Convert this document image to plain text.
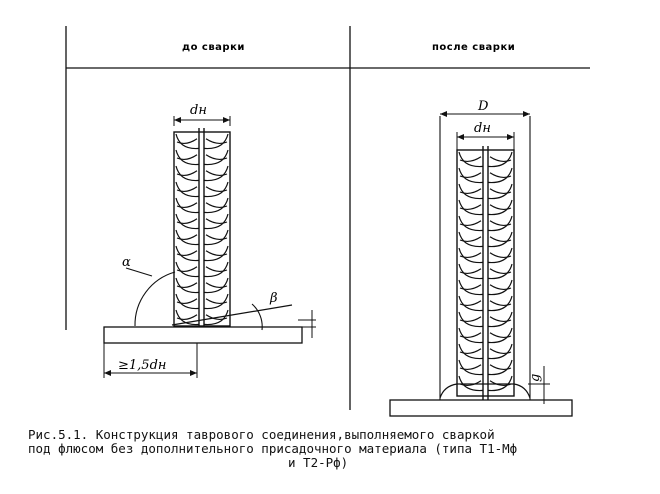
до сварки	после сварки
≥1,5dн
dн
α
β
D
dн
g
Рис.5.1. Конструкция таврового соединения,выполняемого сваркой
под флюсом без дополнительного присадочного материала (типа Т1-Мф
и Т2-Рф)
